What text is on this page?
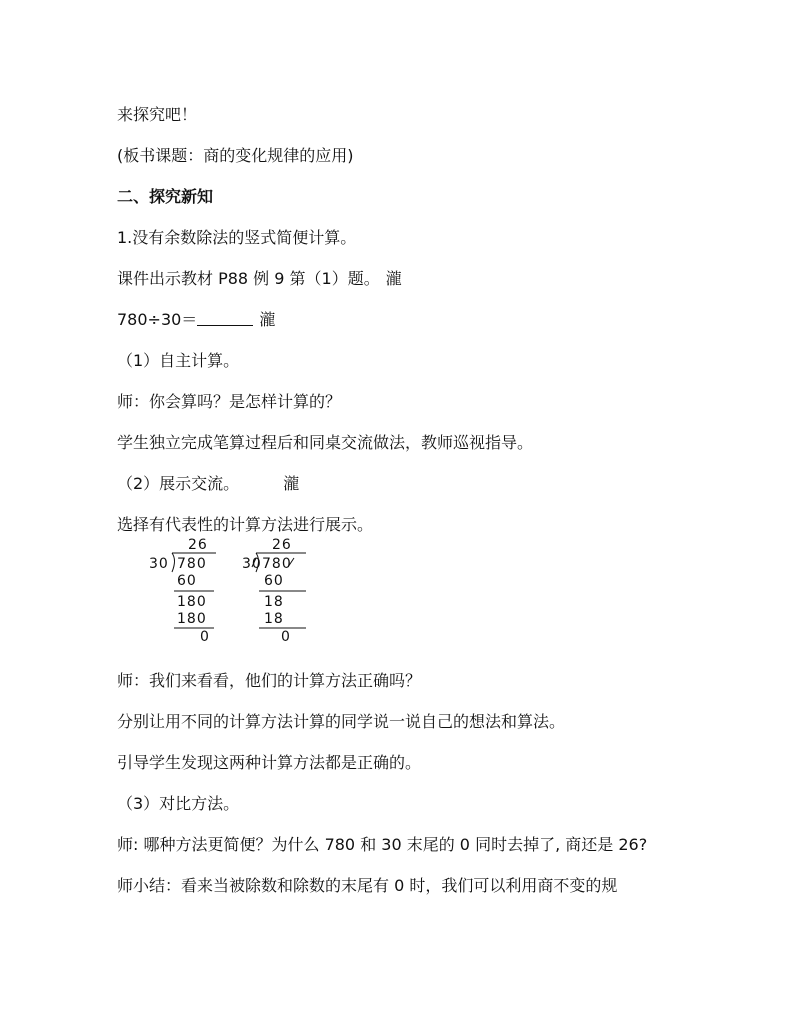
来探究吧！
(板书课题：商的变化规律的应用)
二、探究新知
1.没有余数除法的竖式简便计算。
课件出示教材 P88 例 9 第（1）题。 瀧
780÷30＝	瀧
（1）自主计算。
师：你会算吗？是怎样计算的？
学生独立完成笔算过程后和同桌交流做法，教师巡视指导。
（2）展示交流。	瀧
选择有代表性的计算方法进行展示。
26
30 780
60
180
180
0
26
30 780
60
18
18
0
师：我们来看看，他们的计算方法正确吗？
分别让用不同的计算方法计算的同学说一说自己的想法和算法。
引导学生发现这两种计算方法都是正确的。
（3）对比方法。
师: 哪种方法更简便？为什么 780 和 30 末尾的 0 同时去掉了, 商还是 26?
师小结：看来当被除数和除数的末尾有 0 时，我们可以利用商不变的规
